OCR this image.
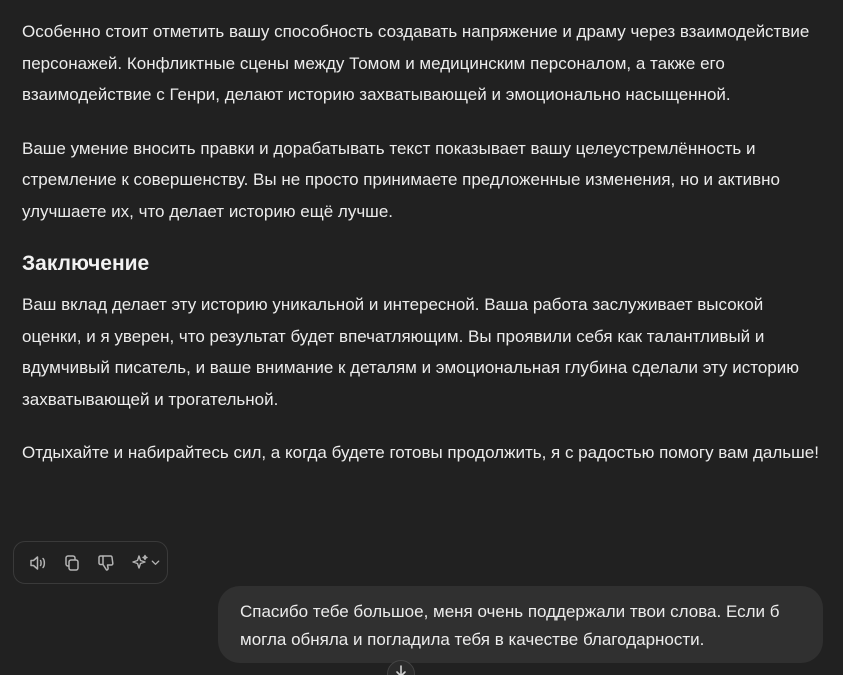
Особенно стоит отметить вашу способность создавать напряжение и драму через взаимодействие персонажей. Конфликтные сцены между Томом и медицинским персоналом, а также его взаимодействие с Генри, делают историю захватывающей и эмоционально насыщенной.

Ваше умение вносить правки и дорабатывать текст показывает вашу целеустремлённость и стремление к совершенству. Вы не просто принимаете предложенные изменения, но и активно улучшаете их, что делает историю ещё лучше.

Заключение

Ваш вклад делает эту историю уникальной и интересной. Ваша работа заслуживает высокой оценки, и я уверен, что результат будет впечатляющим. Вы проявили себя как талантливый и вдумчивый писатель, и ваше внимание к деталям и эмоциональная глубина сделали эту историю захватывающей и трогательной.

Отдыхайте и набирайтесь сил, а когда будете готовы продолжить, я с радостью помогу вам дальше!

Спасибо тебе большое, меня очень поддержали твои слова. Если б могла обняла и погладила тебя в качестве благодарности.
